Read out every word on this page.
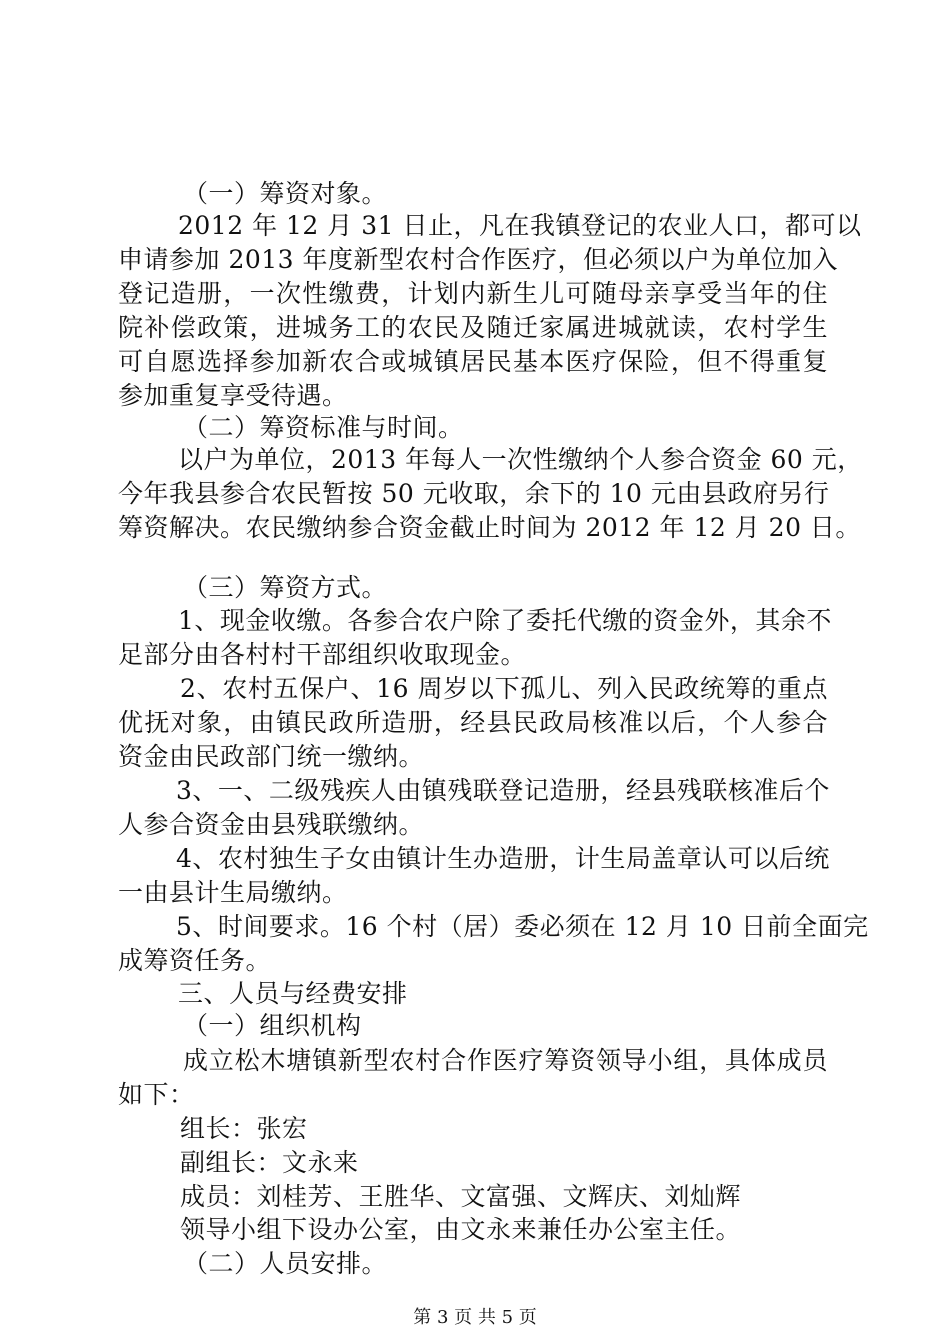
（一）筹资对象。
2012 年 12 月 31 日止，凡在我镇登记的农业人口，都可以
申请参加 2013 年度新型农村合作医疗，但必须以户为单位加入
登记造册，一次性缴费，计划内新生儿可随母亲享受当年的住
院补偿政策，进城务工的农民及随迁家属进城就读，农村学生
可自愿选择参加新农合或城镇居民基本医疗保险，但不得重复
参加重复享受待遇。
（二）筹资标准与时间。
以户为单位，2013 年每人一次性缴纳个人参合资金 60 元，
今年我县参合农民暂按 50 元收取，余下的 10 元由县政府另行
筹资解决。农民缴纳参合资金截止时间为 2012 年 12 月 20 日。
（三）筹资方式。
1、现金收缴。各参合农户除了委托代缴的资金外，其余不
足部分由各村村干部组织收取现金。
2、农村五保户、16 周岁以下孤儿、列入民政统筹的重点
优抚对象，由镇民政所造册，经县民政局核准以后，个人参合
资金由民政部门统一缴纳。
3、一、二级残疾人由镇残联登记造册，经县残联核准后个
人参合资金由县残联缴纳。
4、农村独生子女由镇计生办造册，计生局盖章认可以后统
一由县计生局缴纳。
5、时间要求。16 个村（居）委必须在 12 月 10 日前全面完
成筹资任务。
三、人员与经费安排
（一）组织机构
成立松木塘镇新型农村合作医疗筹资领导小组，具体成员
如下：
组长：张宏
副组长：文永来
成员：刘桂芳、王胜华、文富强、文辉庆、刘灿辉
领导小组下设办公室，由文永来兼任办公室主任。
（二）人员安排。
第 3 页 共 5 页
